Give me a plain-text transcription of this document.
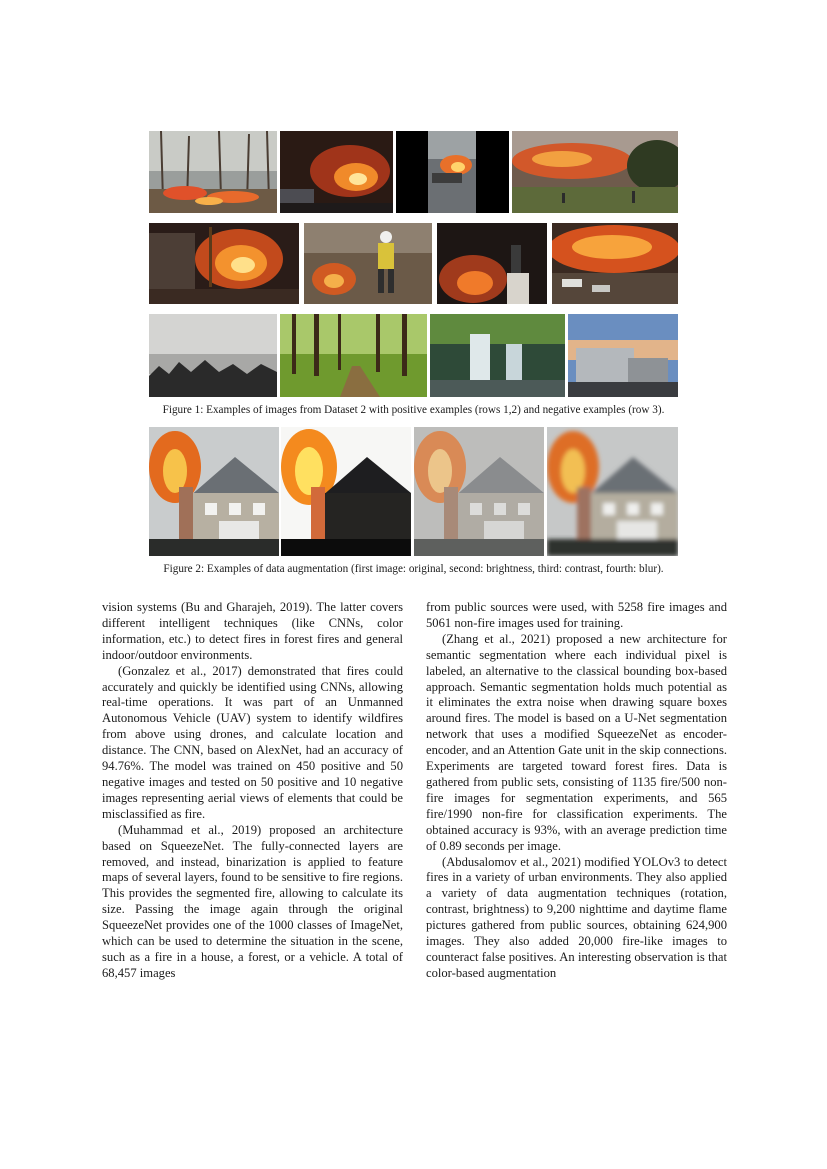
Figure 1: Examples of images from Dataset 2 with positive examples (rows 1,2) and negative examples (row 3).
Figure 2: Examples of data augmentation (first image: original, second: brightness, third: contrast, fourth: blur).

vision systems (Bu and Gharajeh, 2019). The latter covers different intelligent techniques (like CNNs, color information, etc.) to detect fires in forest fires and general indoor/outdoor environments.

(Gonzalez et al., 2017) demonstrated that fires could accurately and quickly be identified using CNNs, allowing real-time operations. It was part of an Unmanned Autonomous Vehicle (UAV) system to identify wildfires from above using drones, and calculate location and distance. The CNN, based on AlexNet, had an accuracy of 94.76%. The model was trained on 450 positive and 50 negative images and tested on 50 positive and 10 negative images representing aerial views of elements that could be misclassified as fire.

(Muhammad et al., 2019) proposed an architecture based on SqueezeNet. The fully-connected layers are removed, and instead, binarization is applied to feature maps of several layers, found to be sensitive to fire regions. This provides the segmented fire, allowing to calculate its size. Passing the image again through the original SqueezeNet provides one of the 1000 classes of ImageNet, which can be used to determine the situation in the scene, such as a fire in a house, a forest, or a vehicle. A total of 68,457 images

from public sources were used, with 5258 fire images and 5061 non-fire images used for training.

(Zhang et al., 2021) proposed a new architecture for semantic segmentation where each individual pixel is labeled, an alternative to the classical bounding box-based approach. Semantic segmentation holds much potential as it eliminates the extra noise when drawing square boxes around fires. The model is based on a U-Net segmentation network that uses a modified SqueezeNet as encoder-encoder, and an Attention Gate unit in the skip connections. Experiments are targeted toward forest fires. Data is gathered from public sets, consisting of 1135 fire/500 non-fire images for segmentation experiments, and 565 fire/1990 non-fire for classification experiments. The obtained accuracy is 93%, with an average prediction time of 0.89 seconds per image.

(Abdusalomov et al., 2021) modified YOLOv3 to detect fires in a variety of urban environments. They also applied a variety of data augmentation techniques (rotation, contrast, brightness) to 9,200 nighttime and daytime flame pictures gathered from public sources, obtaining 624,900 images. They also added 20,000 fire-like images to counteract false positives. An interesting observation is that color-based augmentation
